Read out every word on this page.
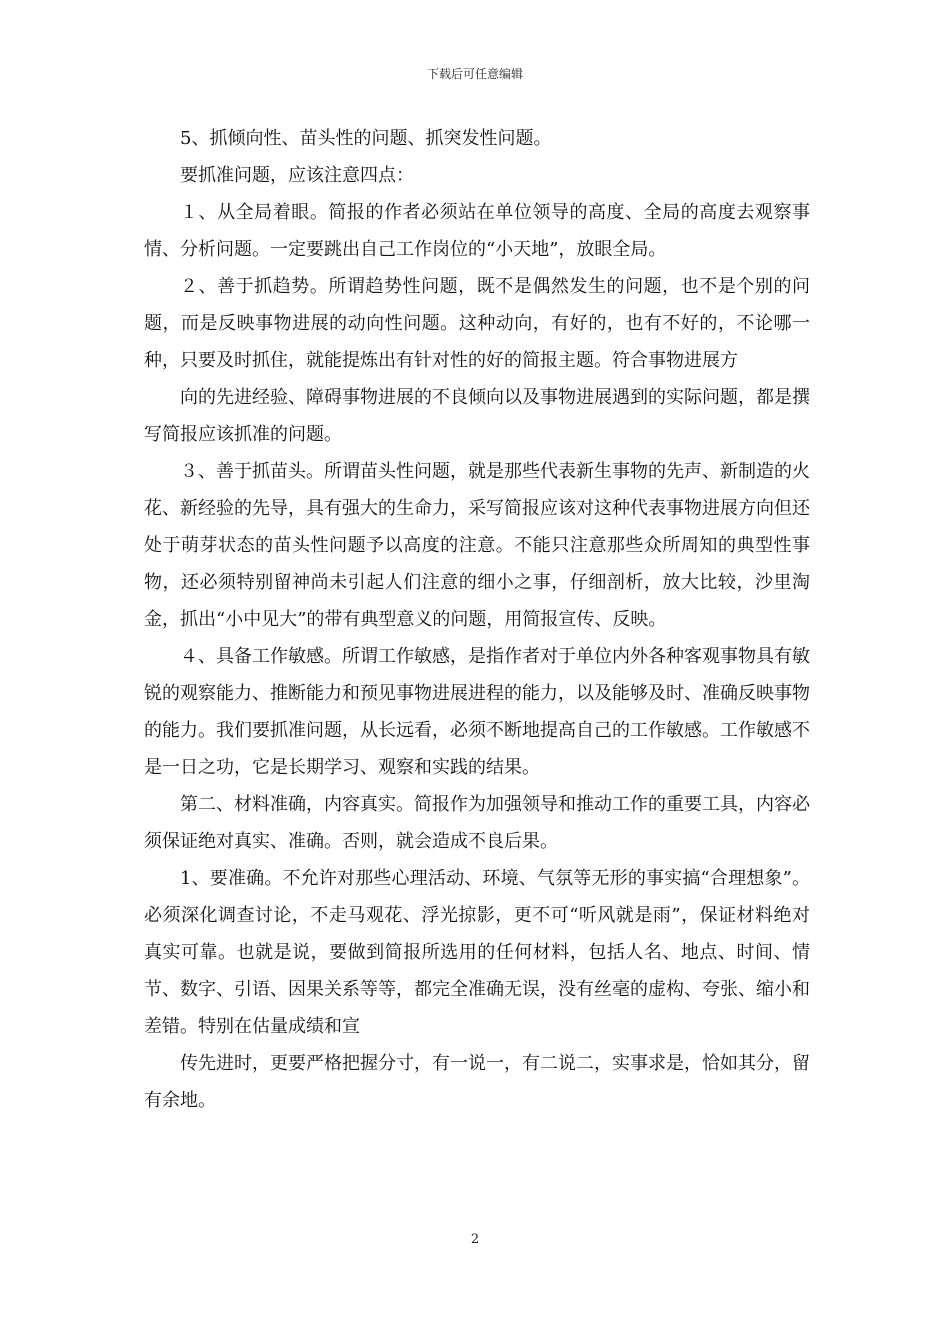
下载后可任意编辑

5、抓倾向性、苗头性的问题、抓突发性问题。

要抓准问题，应该注意四点：

１、从全局着眼。简报的作者必须站在单位领导的高度、全局的高度去观察事情、分析问题。一定要跳出自己工作岗位的“小天地”，放眼全局。

２、善于抓趋势。所谓趋势性问题，既不是偶然发生的问题，也不是个别的问题，而是反映事物进展的动向性问题。这种动向，有好的，也有不好的，不论哪一种，只要及时抓住，就能提炼出有针对性的好的简报主题。符合事物进展方

向的先进经验、障碍事物进展的不良倾向以及事物进展遇到的实际问题，都是撰写简报应该抓准的问题。

３、善于抓苗头。所谓苗头性问题，就是那些代表新生事物的先声、新制造的火花、新经验的先导，具有强大的生命力，采写简报应该对这种代表事物进展方向但还处于萌芽状态的苗头性问题予以高度的注意。不能只注意那些众所周知的典型性事物，还必须特别留神尚未引起人们注意的细小之事，仔细剖析，放大比较，沙里淘金，抓出“小中见大”的带有典型意义的问题，用简报宣传、反映。

４、具备工作敏感。所谓工作敏感，是指作者对于单位内外各种客观事物具有敏锐的观察能力、推断能力和预见事物进展进程的能力，以及能够及时、准确反映事物的能力。我们要抓准问题，从长远看，必须不断地提高自己的工作敏感。工作敏感不是一日之功，它是长期学习、观察和实践的结果。

第二、材料准确，内容真实。简报作为加强领导和推动工作的重要工具，内容必须保证绝对真实、准确。否则，就会造成不良后果。

1、要准确。不允许对那些心理活动、环境、气氛等无形的事实搞“合理想象”。必须深化调查讨论，不走马观花、浮光掠影，更不可“听风就是雨”，保证材料绝对真实可靠。也就是说，要做到简报所选用的任何材料，包括人名、地点、时间、情节、数字、引语、因果关系等等，都完全准确无误，没有丝毫的虚构、夸张、缩小和差错。特别在估量成绩和宣

传先进时，更要严格把握分寸，有一说一，有二说二，实事求是，恰如其分，留有余地。

2
